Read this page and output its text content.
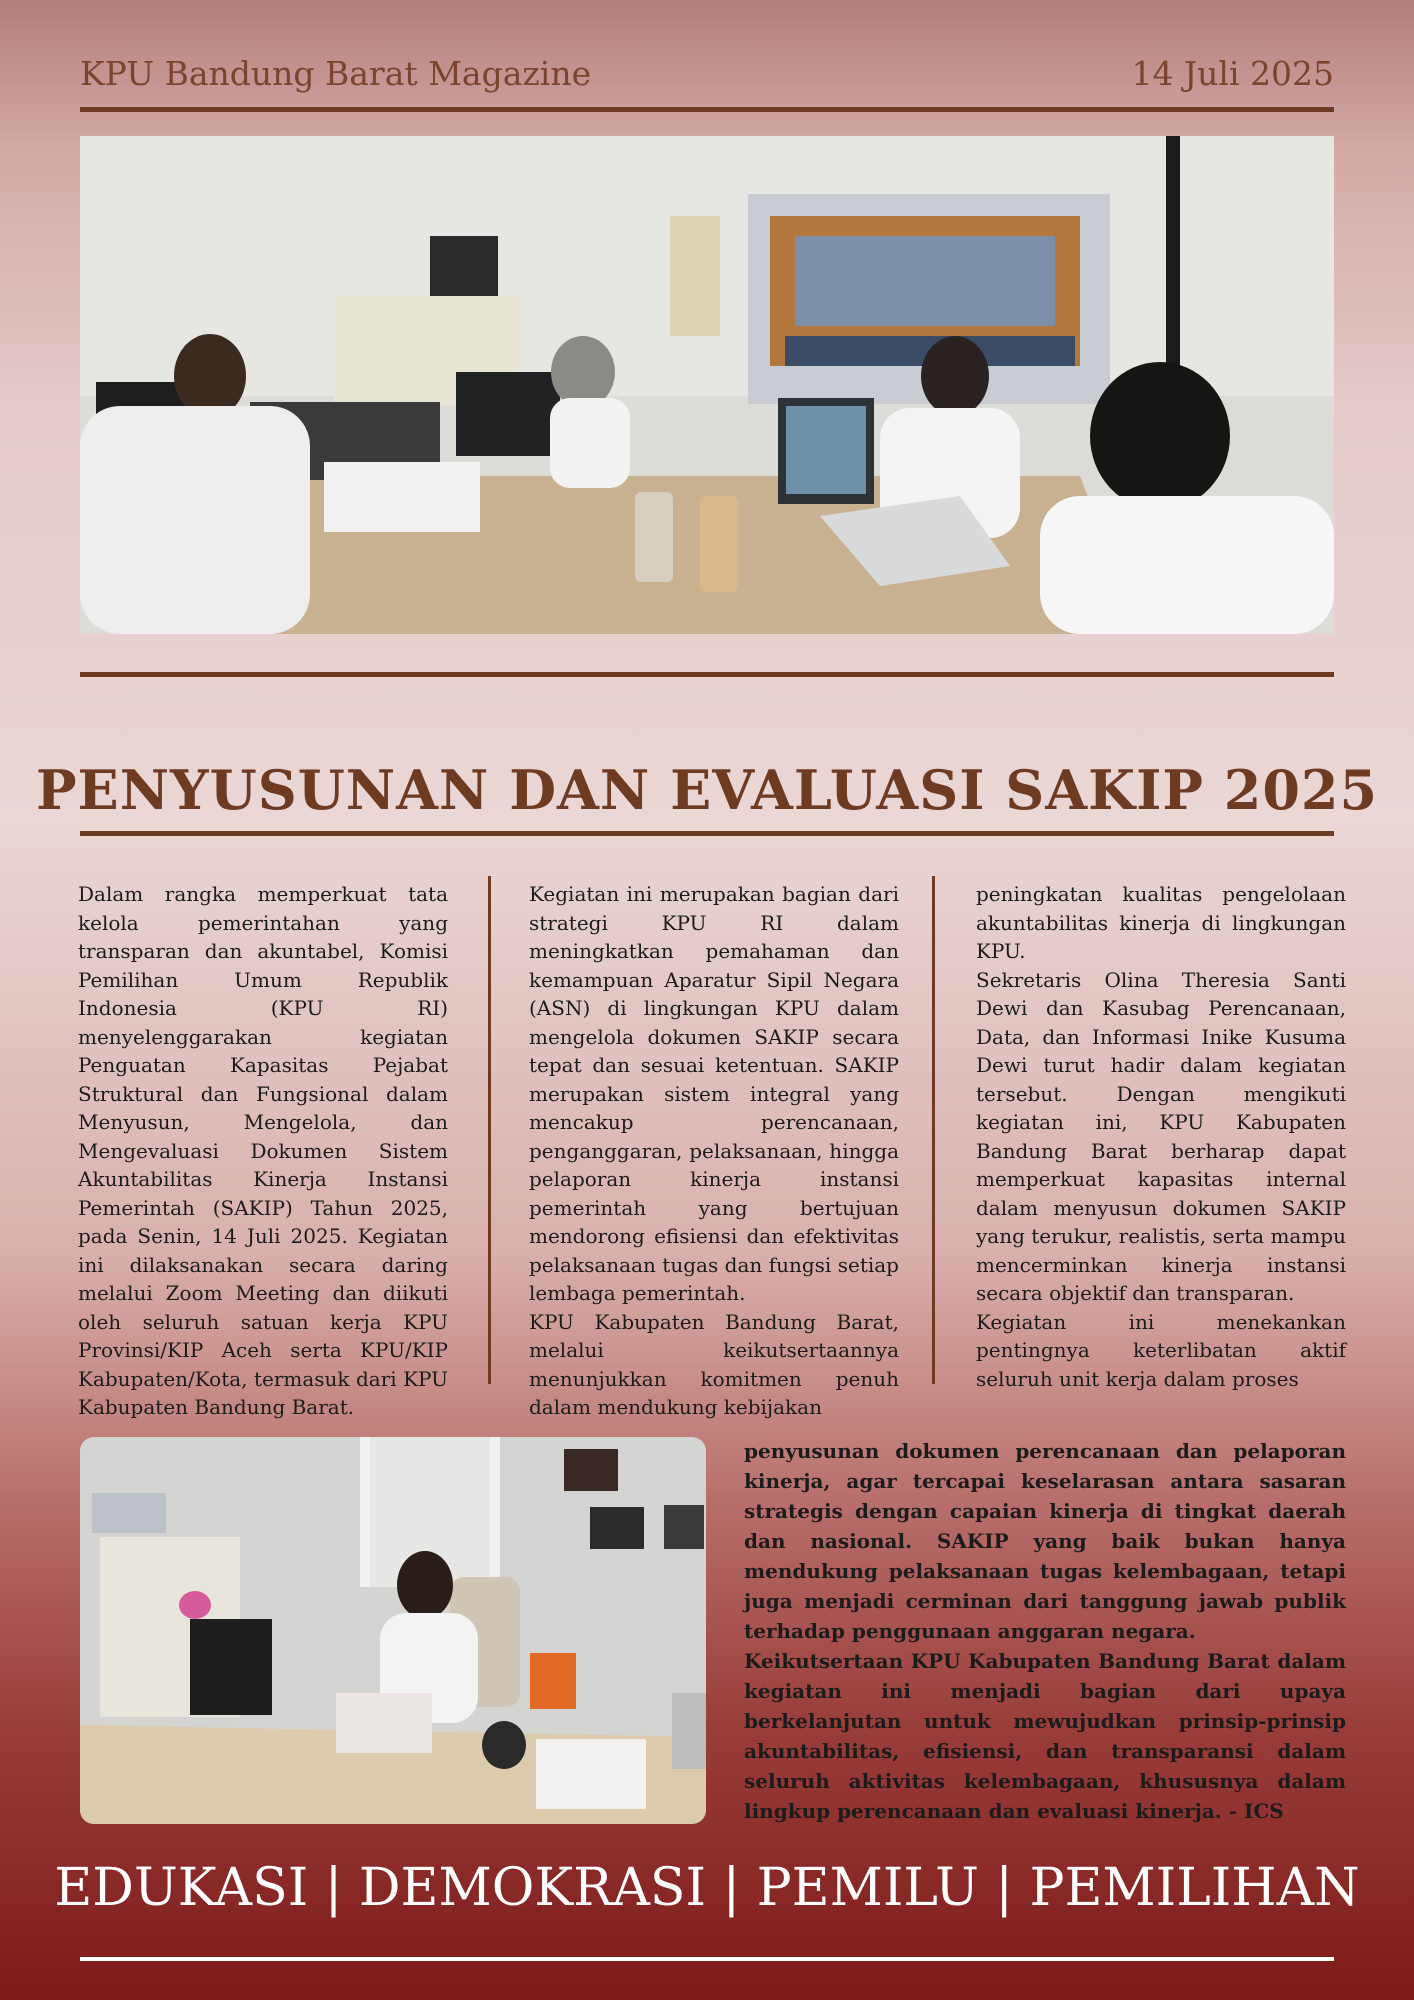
KPU Bandung Barat Magazine	14 Juli 2025
PENYUSUNAN DAN EVALUASI SAKIP 2025

Dalam rangka memperkuat tata kelola pemerintahan yang transparan dan akuntabel, Komisi Pemilihan Umum Republik Indonesia (KPU RI) menyelenggarakan kegiatan Penguatan Kapasitas Pejabat Struktural dan Fungsional dalam Menyusun, Mengelola, dan Mengevaluasi Dokumen Sistem Akuntabilitas Kinerja Instansi Pemerintah (SAKIP) Tahun 2025, pada Senin, 14 Juli 2025. Kegiatan ini dilaksanakan secara daring melalui Zoom Meeting dan diikuti oleh seluruh satuan kerja KPU Provinsi/KIP Aceh serta KPU/KIP Kabupaten/Kota, termasuk dari KPU Kabupaten Bandung Barat.

Kegiatan ini merupakan bagian dari strategi KPU RI dalam meningkatkan pemahaman dan kemampuan Aparatur Sipil Negara (ASN) di lingkungan KPU dalam mengelola dokumen SAKIP secara tepat dan sesuai ketentuan. SAKIP merupakan sistem integral yang mencakup perencanaan, penganggaran, pelaksanaan, hingga pelaporan kinerja instansi pemerintah yang bertujuan mendorong efisiensi dan efektivitas pelaksanaan tugas dan fungsi setiap lembaga pemerintah.

KPU Kabupaten Bandung Barat, melalui keikutsertaannya menunjukkan komitmen penuh dalam mendukung kebijakan

peningkatan kualitas pengelolaan akuntabilitas kinerja di lingkungan KPU.

Sekretaris Olina Theresia Santi Dewi dan Kasubag Perencanaan, Data, dan Informasi Inike Kusuma Dewi turut hadir dalam kegiatan tersebut. Dengan mengikuti kegiatan ini, KPU Kabupaten Bandung Barat berharap dapat memperkuat kapasitas internal dalam menyusun dokumen SAKIP yang terukur, realistis, serta mampu mencerminkan kinerja instansi secara objektif dan transparan.

Kegiatan ini menekankan pentingnya keterlibatan aktif seluruh unit kerja dalam proses

penyusunan dokumen perencanaan dan pelaporan kinerja, agar tercapai keselarasan antara sasaran strategis dengan capaian kinerja di tingkat daerah dan nasional. SAKIP yang baik bukan hanya mendukung pelaksanaan tugas kelembagaan, tetapi juga menjadi cerminan dari tanggung jawab publik terhadap penggunaan anggaran negara.

Keikutsertaan KPU Kabupaten Bandung Barat dalam kegiatan ini menjadi bagian dari upaya berkelanjutan untuk mewujudkan prinsip-prinsip akuntabilitas, efisiensi, dan transparansi dalam seluruh aktivitas kelembagaan, khususnya dalam lingkup perencanaan dan evaluasi kinerja. - ICS

EDUKASI | DEMOKRASI | PEMILU | PEMILIHAN
